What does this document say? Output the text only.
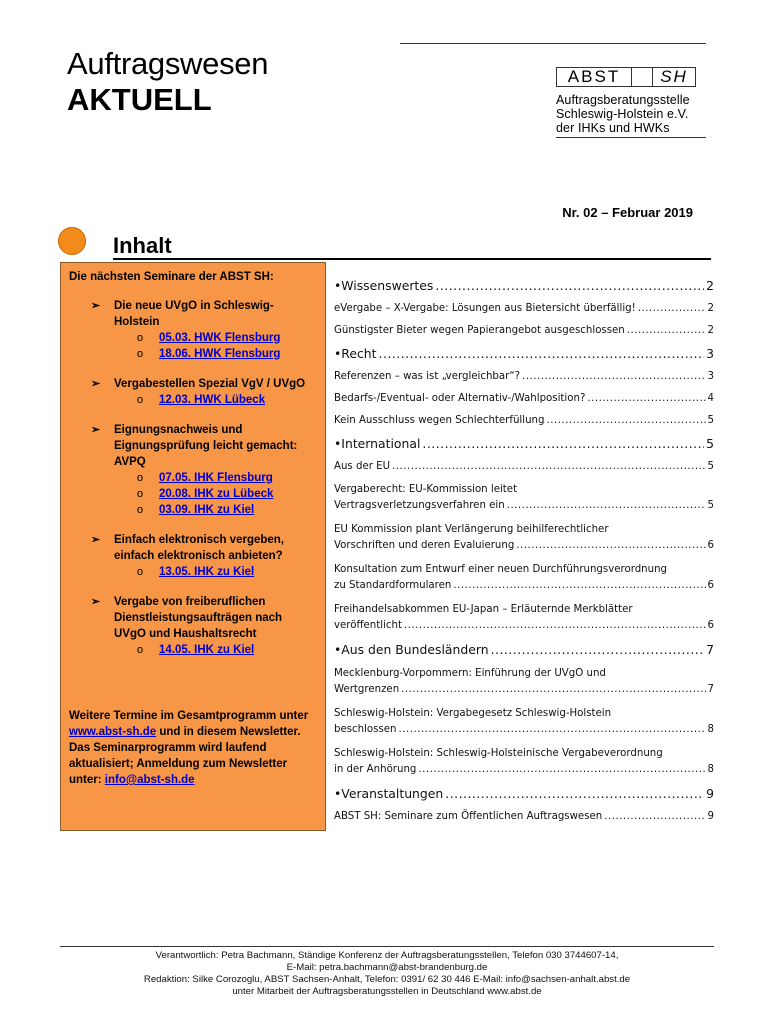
Auftragswesen
AKTUELL
ABST	SH
Auftragsberatungsstelle
Schleswig-Holstein e.V.
der IHKs und HWKs
Nr. 02 – Februar 2019
Inhalt
Die nächsten Seminare der ABST SH:
➢ Die neue UVgO in Schleswig-Holstein
o 05.03. HWK Flensburg
o 18.06. HWK Flensburg
➢ Vergabestellen Spezial VgV / UVgO
o 12.03. HWK Lübeck
➢ Eignungsnachweis und Eignungsprüfung leicht gemacht: AVPQ
o 07.05. IHK Flensburg
o 20.08. IHK zu Lübeck
o 03.09. IHK zu Kiel
➢ Einfach elektronisch vergeben, einfach elektronisch anbieten?
o 13.05. IHK zu Kiel
➢ Vergabe von freiberuflichen Dienstleistungsaufträgen nach UVgO und Haushaltsrecht
o 14.05. IHK zu Kiel
Weitere Termine im Gesamtprogramm unter www.abst-sh.de und in diesem Newsletter.
Das Seminarprogramm wird laufend aktualisiert; Anmeldung zum Newsletter unter: info@abst-sh.de
•Wissenswertes .....	2
eVergabe – X-Vergabe: Lösungen aus Bietersicht überfällig! .....	2
Günstigster Bieter wegen Papierangebot ausgeschlossen .....	2
•Recht .....	3
Referenzen – was ist „vergleichbar“? .....	3
Bedarfs-/Eventual- oder Alternativ-/Wahlposition? .....	4
Kein Ausschluss wegen Schlechterfüllung .....	5
•International .....	5
Aus der EU .....	5
Vergaberecht: EU-Kommission leitet
Vertragsverletzungsverfahren ein .....	5
EU Kommission plant Verlängerung beihilferechtlicher
Vorschriften und deren Evaluierung .....	6
Konsultation zum Entwurf einer neuen Durchführungsverordnung
zu Standardformularen .....	6
Freihandelsabkommen EU-Japan – Erläuternde Merkblätter
veröffentlicht .....	6
•Aus den Bundesländern .....	7
Mecklenburg-Vorpommern: Einführung der UVgO und
Wertgrenzen .....	7
Schleswig-Holstein: Vergabegesetz Schleswig-Holstein
beschlossen .....	8
Schleswig-Holstein: Schleswig-Holsteinische Vergabeverordnung
in der Anhörung .....	8
•Veranstaltungen .....	9
ABST SH: Seminare zum Öffentlichen Auftragswesen .....	9
Verantwortlich: Petra Bachmann, Ständige Konferenz der Auftragsberatungsstellen, Telefon 030 3744607-14,
E-Mail: petra.bachmann@abst-brandenburg.de
Redaktion: Silke Corozoglu, ABST Sachsen-Anhalt, Telefon: 0391/ 62 30 446 E-Mail: info@sachsen-anhalt.abst.de
unter Mitarbeit der Auftragsberatungsstellen in Deutschland www.abst.de
